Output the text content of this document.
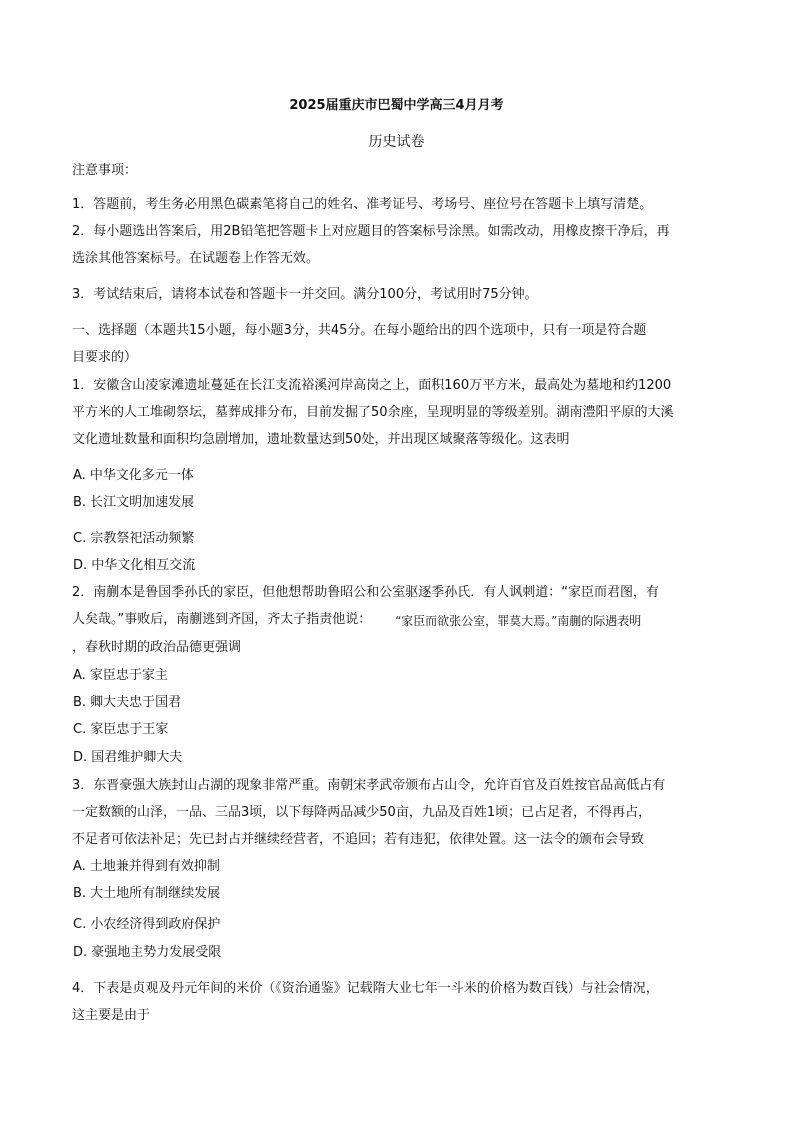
2025届重庆市巴蜀中学高三4月月考
历史试卷
注意事项：
1．答题前，考生务必用黑色碳素笔将自己的姓名、准考证号、考场号、座位号在答题卡上填写清楚。
2．每小题选出答案后，用2B铅笔把答题卡上对应题目的答案标号涂黑。如需改动，用橡皮擦干净后，再
选涂其他答案标号。在试题卷上作答无效。
3．考试结束后，请将本试卷和答题卡一并交回。满分100分，考试用时75分钟。
一、选择题（本题共15小题，每小题3分，共45分。在每小题给出的四个选项中，只有一项是符合题
目要求的）
1．安徽含山凌家滩遗址蔓延在长江支流裕溪河岸高岗之上，面积160万平方米，最高处为墓地和约1200
平方米的人工堆砌祭坛，墓葬成排分布，目前发掘了50余座，呈现明显的等级差别。湖南澧阳平原的大溪
文化遗址数量和面积均急剧增加，遗址数量达到50处，并出现区域聚落等级化。这表明
A. 中华文化多元一体
B. 长江文明加速发展
C. 宗教祭祀活动频繁
D. 中华文化相互交流
2．南蒯本是鲁国季孙氏的家臣，但他想帮助鲁昭公和公室驱逐季孙氏．有人讽刺道：“家臣而君图，有
人矣哉。”事败后，南蒯逃到齐国，齐太子指责他说： “家臣而欲张公室，罪莫大焉。”南蒯的际遇表明
，春秋时期的政治品德更强调
A. 家臣忠于家主
B. 卿大夫忠于国君
C. 家臣忠于王家
D. 国君维护卿大夫
3．东晋豪强大族封山占湖的现象非常严重。南朝宋孝武帝颁布占山令，允许百官及百姓按官品高低占有
一定数额的山泽，一品、三品3顷，以下每降两品减少50亩，九品及百姓1顷；已占足者，不得再占，
不足者可依法补足；先已封占并继续经营者，不追回；若有违犯，依律处置。这一法令的颁布会导致
A. 土地兼并得到有效抑制
B. 大土地所有制继续发展
C. 小农经济得到政府保护
D. 豪强地主势力发展受限
4．下表是贞观及丹元年间的米价（《资治通鉴》记载隋大业七年一斗米的价格为数百钱）与社会情况，
这主要是由于
